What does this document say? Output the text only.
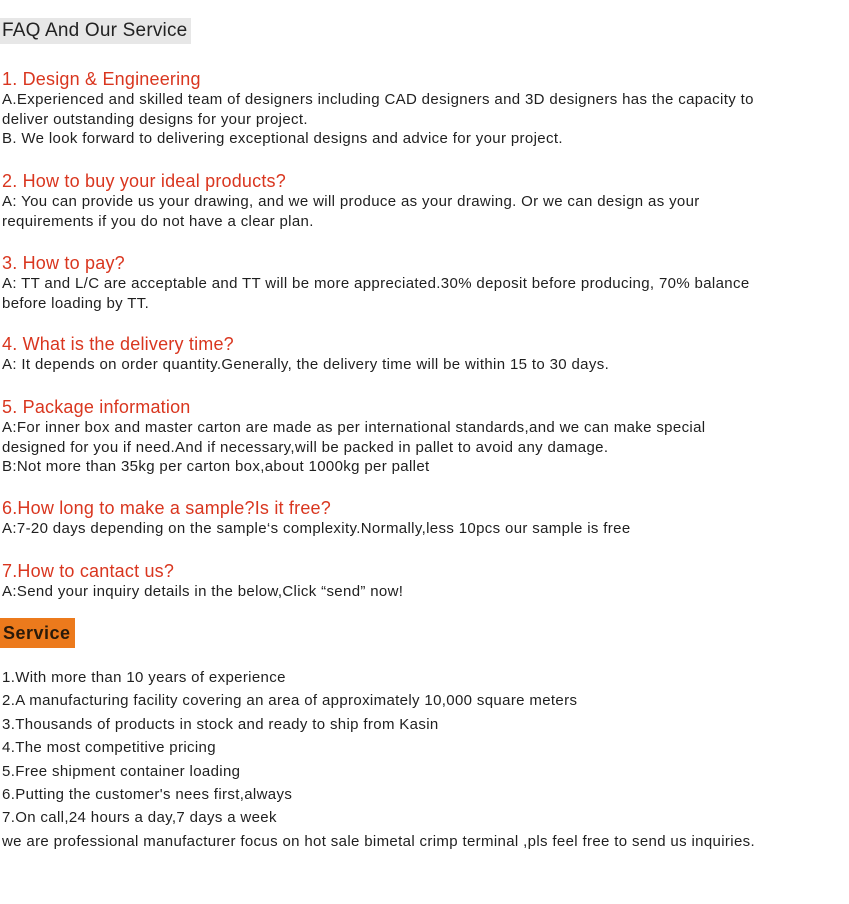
FAQ And Our Service
1. Design & Engineering
A.Experienced and skilled team of designers including CAD designers and 3D designers has the capacity to
deliver outstanding designs for your project.
B. We look forward to delivering exceptional designs and advice for your project.
2. How to buy your ideal products?
A: You can provide us your drawing, and we will produce as your drawing. Or we can design as your
requirements if you do not have a clear plan.
3. How to pay?
A: TT and L/C are acceptable and TT will be more appreciated.30% deposit before producing, 70% balance
before loading by TT.
4. What is the delivery time?
A: It depends on order quantity.Generally, the delivery time will be within 15 to 30 days.
5. Package information
A:For inner box and master carton are made as per international standards,and we can make special
designed for you if need.And if necessary,will be packed in pallet to avoid any damage.
B:Not more than 35kg per carton box,about 1000kg per pallet
6.How long to make a sample?Is it free?
A:7-20 days depending on the sample‘s complexity.Normally,less 10pcs our sample is free
7.How to cantact us?
A:Send your inquiry details in the below,Click “send” now!
Service
1.With more than 10 years of experience
2.A manufacturing facility covering an area of approximately 10,000 square meters
3.Thousands of products in stock and ready to ship from Kasin
4.The most competitive pricing
5.Free shipment container loading
6.Putting the customer's nees first,always
7.On call,24 hours a day,7 days a week
we are professional manufacturer focus on hot sale bimetal crimp terminal ,pls feel free to send us inquiries.
